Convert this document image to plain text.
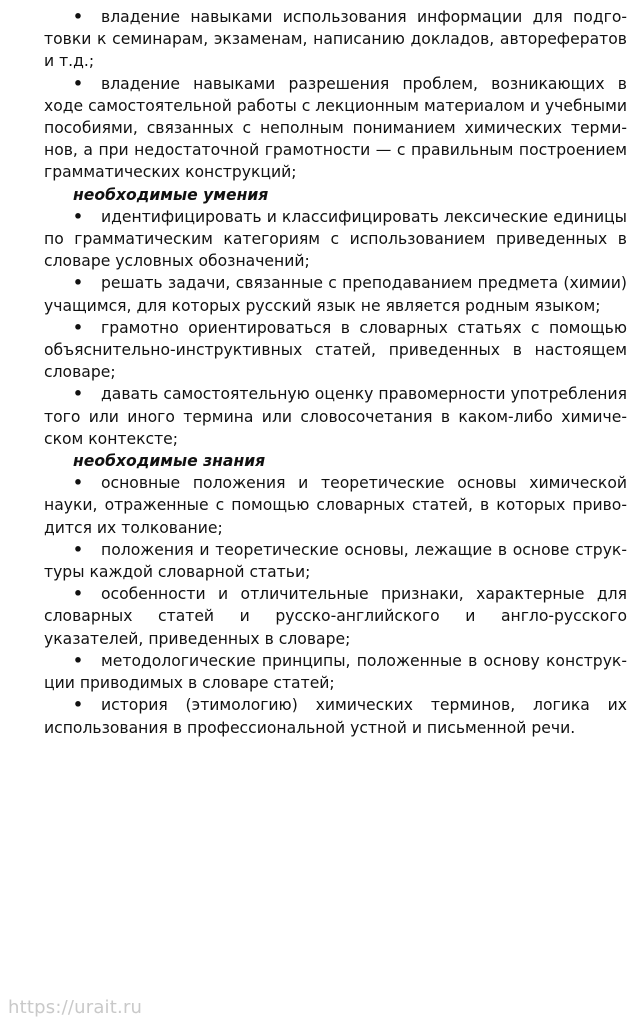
• владение навыками использования информации для подготовки к семинарам, экзаменам, написанию докладов, авторефератов и т.д.;

• владение навыками разрешения проблем, возникающих в ходе самостоятельной работы с лекционным материалом и учебными пособиями, связанных с неполным пониманием химических терминов, а при недостаточной грамотности — с правильным построением грамматических конструкций;

необходимые умения

• идентифицировать и классифицировать лексические единицы по грамматическим категориям с использованием приведенных в словаре условных обозначений;

• решать задачи, связанные с преподаванием предмета (химии) учащимся, для которых русский язык не является родным языком;

• грамотно ориентироваться в словарных статьях с помощью объяснительно-инструктивных статей, приведенных в настоящем словаре;

• давать самостоятельную оценку правомерности употребления того или иного термина или словосочетания в каком-либо химическом контексте;

необходимые знания

• основные положения и теоретические основы химической науки, отраженные с помощью словарных статей, в которых приводится их толкование;

• положения и теоретические основы, лежащие в основе структуры каждой словарной статьи;

• особенности и отличительные признаки, характерные для словарных статей и русско-английского и англо-русского указателей, приведенных в словаре;

• методологические принципы, положенные в основу конструкции приводимых в словаре статей;

• история (этимологию) химических терминов, логика их использования в профессиональной устной и письменной речи.

https://urait.ru
